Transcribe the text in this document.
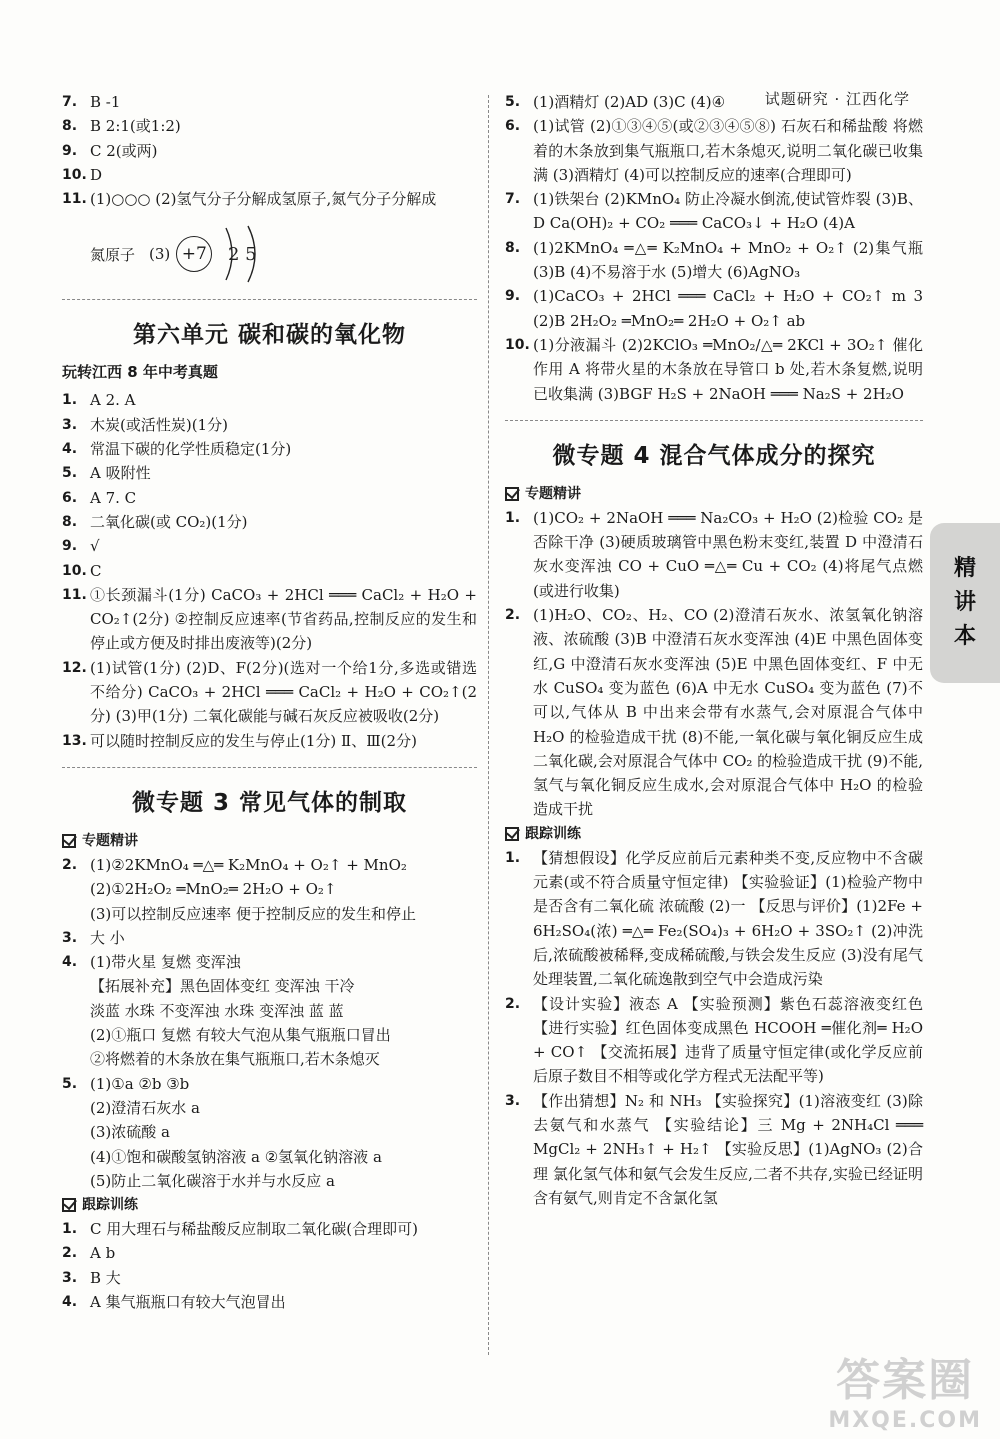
试题研究 · 江西化学
7. B -1
8. B 2:1(或1:2)
9. C 2(或两)
10. D
11. (1)○○○ (2)氢气分子分解成氢原子,氮气分子分解成
氮原子 (3) +7	2 5
第六单元 碳和碳的氧化物
玩转江西 8 年中考真题
1. A 2. A
3. 木炭(或活性炭)(1分)
4. 常温下碳的化学性质稳定(1分)
5. A 吸附性
6. A 7. C
8. 二氧化碳(或 CO₂)(1分)
9. √
10. C
11. ①长颈漏斗(1分) CaCO₃ + 2HCl ═══ CaCl₂ + H₂O + CO₂↑(2分) ②控制反应速率(节省药品,控制反应的发生和停止或方便及时排出废液等)(2分)
12. (1)试管(1分) (2)D、F(2分)(选对一个给1分,多选或错选不给分) CaCO₃ + 2HCl ═══ CaCl₂ + H₂O + CO₂↑(2分) (3)甲(1分) 二氧化碳能与碱石灰反应被吸收(2分)
13. 可以随时控制反应的发生与停止(1分) Ⅱ、Ⅲ(2分)
微专题 3 常见气体的制取
专题精讲
2. (1)②2KMnO₄ ═△═ K₂MnO₄ + O₂↑ + MnO₂
(2)①2H₂O₂ ═MnO₂═ 2H₂O + O₂↑
(3)可以控制反应速率 便于控制反应的发生和停止
3. 大 小
4. (1)带火星 复燃 变浑浊
【拓展补充】黑色固体变红 变浑浊 干冷
淡蓝 水珠 不变浑浊 水珠 变浑浊 蓝 蓝
(2)①瓶口 复燃 有较大气泡从集气瓶瓶口冒出
②将燃着的木条放在集气瓶瓶口,若木条熄灭
5. (1)①a ②b ③b
(2)澄清石灰水 a
(3)浓硫酸 a
(4)①饱和碳酸氢钠溶液 a ②氢氧化钠溶液 a
(5)防止二氧化碳溶于水并与水反应 a
跟踪训练
1. C 用大理石与稀盐酸反应制取二氧化碳(合理即可)
2. A b
3. B 大
4. A 集气瓶瓶口有较大气泡冒出
5. (1)酒精灯 (2)AD (3)C (4)④
6. (1)试管 (2)①③④⑤(或②③④⑤⑧) 石灰石和稀盐酸 将燃着的木条放到集气瓶瓶口,若木条熄灭,说明二氧化碳已收集满 (3)酒精灯 (4)可以控制反应的速率(合理即可)
7. (1)铁架台 (2)KMnO₄ 防止冷凝水倒流,使试管炸裂 (3)B、D Ca(OH)₂ + CO₂ ═══ CaCO₃↓ + H₂O (4)A
8. (1)2KMnO₄ ═△═ K₂MnO₄ + MnO₂ + O₂↑ (2)集气瓶 (3)B (4)不易溶于水 (5)增大 (6)AgNO₃
9. (1)CaCO₃ + 2HCl ═══ CaCl₂ + H₂O + CO₂↑ m 3 (2)B 2H₂O₂ ═MnO₂═ 2H₂O + O₂↑ ab
10. (1)分液漏斗 (2)2KClO₃ ═MnO₂/△═ 2KCl + 3O₂↑ 催化作用 A 将带火星的木条放在导管口 b 处,若木条复燃,说明已收集满 (3)BGF H₂S + 2NaOH ═══ Na₂S + 2H₂O
微专题 4 混合气体成分的探究
专题精讲
1. (1)CO₂ + 2NaOH ═══ Na₂CO₃ + H₂O (2)检验 CO₂ 是否除干净 (3)硬质玻璃管中黑色粉末变红,装置 D 中澄清石灰水变浑浊 CO + CuO ═△═ Cu + CO₂ (4)将尾气点燃(或进行收集)
2. (1)H₂O、CO₂、H₂、CO (2)澄清石灰水、浓氢氧化钠溶液、浓硫酸 (3)B 中澄清石灰水变浑浊 (4)E 中黑色固体变红,G 中澄清石灰水变浑浊 (5)E 中黑色固体变红、F 中无水 CuSO₄ 变为蓝色 (6)A 中无水 CuSO₄ 变为蓝色 (7)不可以,气体从 B 中出来会带有水蒸气,会对原混合气体中 H₂O 的检验造成干扰 (8)不能,一氧化碳与氧化铜反应生成二氧化碳,会对原混合气体中 CO₂ 的检验造成干扰 (9)不能,氢气与氧化铜反应生成水,会对原混合气体中 H₂O 的检验造成干扰
跟踪训练
1. 【猜想假设】化学反应前后元素种类不变,反应物中不含碳元素(或不符合质量守恒定律) 【实验验证】(1)检验产物中是否含有二氧化硫 浓硫酸 (2)一 【反思与评价】(1)2Fe + 6H₂SO₄(浓) ═△═ Fe₂(SO₄)₃ + 6H₂O + 3SO₂↑ (2)冲洗后,浓硫酸被稀释,变成稀硫酸,与铁会发生反应 (3)没有尾气处理装置,二氧化硫逸散到空气中会造成污染
2. 【设计实验】液态 A 【实验预测】紫色石蕊溶液变红色 【进行实验】红色固体变成黑色 HCOOH ═催化剂═ H₂O + CO↑ 【交流拓展】违背了质量守恒定律(或化学反应前后原子数目不相等或化学方程式无法配平等)
3. 【作出猜想】N₂ 和 NH₃ 【实验探究】(1)溶液变红 (3)除去氨气和水蒸气 【实验结论】三 Mg + 2NH₄Cl ═══ MgCl₂ + 2NH₃↑ + H₂↑ 【实验反思】(1)AgNO₃ (2)合理 氯化氢气体和氨气会发生反应,二者不共存,实验已经证明含有氨气,则肯定不含氯化氢
精
讲
本
答案圈
MXQE.COM
